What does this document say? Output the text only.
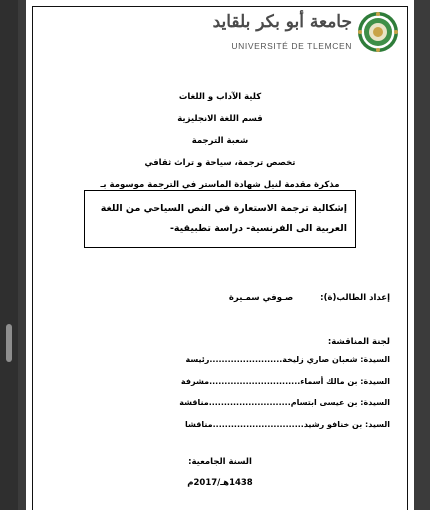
جامعة أبو بكر بلقايد
UNIVERSITÉ DE TLEMCEN
كلية الآداب و اللغات
قسم اللغة الانجليزية
شعبة الترجمة
تخصص ترجمة، سياحة و تراث ثقافي
مذكرة مقدمة لنيل شهادة الماستر في الترجمة موسومة بـ
إشكالية ترجمة الاستعارة في النص السياحي من اللغة العربية الى الفرنسية- دراسة تطبيقية-
إعداد الطالب(ة): صـوفي سمـيرة
لجنة المناقشة:
السيدة: شعبان صاري زليخة........................رئيسة
السيدة: بن مالك أسماء..............................مشرفة
السيدة: بن عيسى ابتسام...........................مناقشة
السيد: بن خنافو رشيد..............................مناقشا
السنة الجامعية:
1438هـ/2017م
